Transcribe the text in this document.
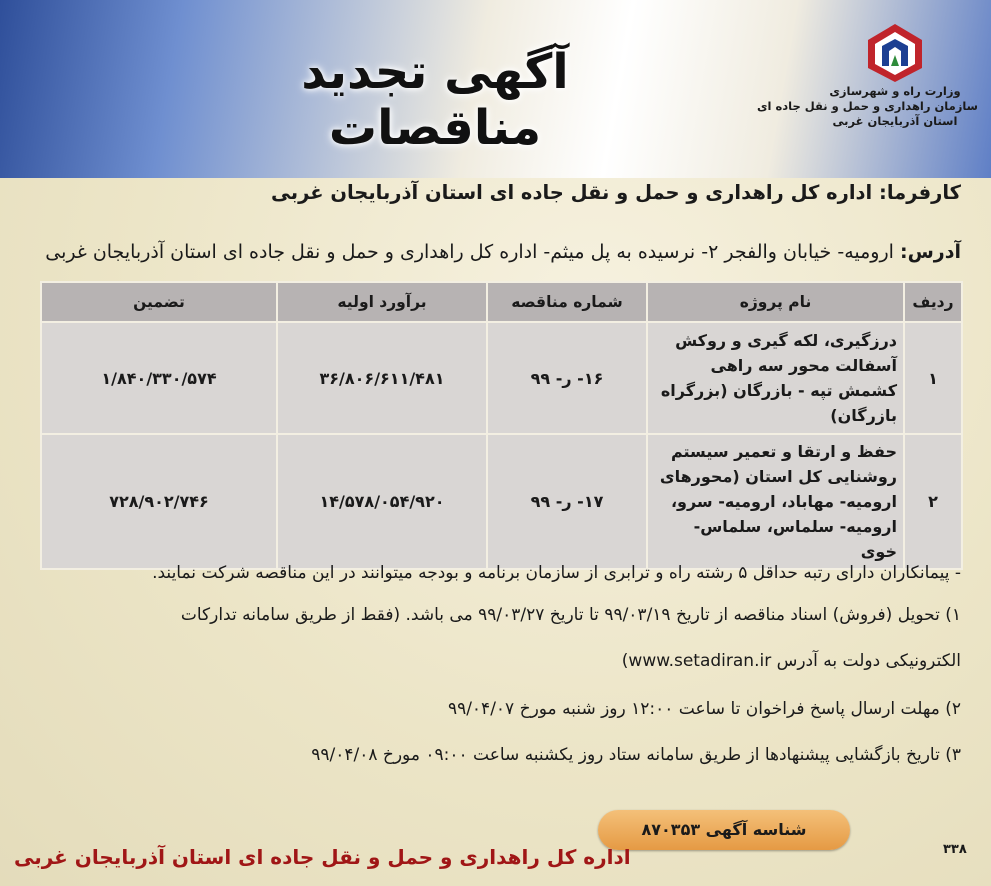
وزارت راه و شهرسازی
سازمان راهداری و حمل و نقل جاده ای
استان آذربایجان غربی
آگهی تجدید مناقصات
کارفرما: اداره کل راهداری و حمل و نقل جاده ای استان آذربایجان غربی
آدرس: ارومیه- خیابان والفجر ۲- نرسیده به پل میثم- اداره کل راهداری و حمل و نقل جاده ای استان آذربایجان غربی
ردیف	نام پروژه	شماره مناقصه	برآورد اولیه	تضمین
۱	درزگیری، لکه گیری و روکش آسفالت محور سه راهی کشمش تپه - بازرگان (بزرگراه بازرگان)	۱۶- ر- ۹۹	۳۶/۸۰۶/۶۱۱/۴۸۱	۱/۸۴۰/۳۳۰/۵۷۴
۲	حفظ و ارتقا و تعمیر سیستم روشنایی کل استان (محورهای ارومیه- مهاباد، ارومیه- سرو، ارومیه- سلماس، سلماس- خوی	۱۷- ر- ۹۹	۱۴/۵۷۸/۰۵۴/۹۲۰	۷۲۸/۹۰۲/۷۴۶
- پیمانکاران دارای رتبه حداقل ۵ رشته راه و ترابری از سازمان برنامه و بودجه میتوانند در این مناقصه شرکت نمایند.
۱) تحویل (فروش) اسناد مناقصه از تاریخ ۹۹/۰۳/۱۹ تا تاریخ ۹۹/۰۳/۲۷ می باشد. (فقط از طریق سامانه تدارکات
الکترونیکی دولت به آدرس www.setadiran.ir)
۲) مهلت ارسال پاسخ فراخوان تا ساعت ۱۲:۰۰ روز شنبه مورخ ۹۹/۰۴/۰۷
۳) تاریخ بازگشایی پیشنهادها از طریق سامانه ستاد روز یکشنبه ساعت ۰۹:۰۰ مورخ ۹۹/۰۴/۰۸
شناسه آگهی ۸۷۰۳۵۳
اداره کل راهداری و حمل و نقل جاده ای استان آذربایجان غربی	۳۳۸
